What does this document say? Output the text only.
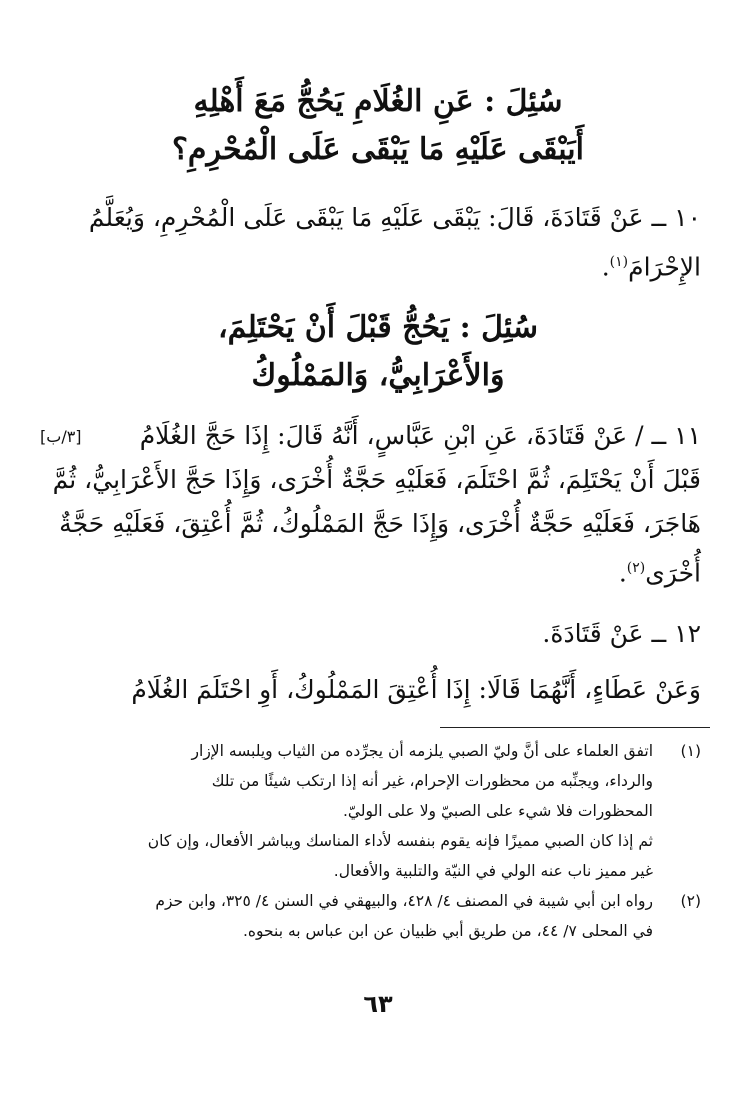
سُئِلَ : عَنِ الغُلَامِ يَحُجُّ مَعَ أَهْلِهِ
أَيَبْقَى عَلَيْهِ مَا يَبْقَى عَلَى الْمُحْرِمِ؟
١٠ ــ عَنْ قَتَادَةَ، قَالَ: يَبْقَى عَلَيْهِ مَا يَبْقَى عَلَى الْمُحْرِمِ، وَيُعَلَّمُ
الإِحْرَامَ$^{(١)}$.
سُئِلَ : يَحُجُّ قَبْلَ أَنْ يَحْتَلِمَ،
وَالأَعْرَابِيُّ، وَالمَمْلُوكُ
[٣/ب]	١١ ــ / عَنْ قَتَادَةَ، عَنِ ابْنِ عَبَّاسٍ، أَنَّهُ قَالَ: إِذَا حَجَّ الغُلَامُ
قَبْلَ أَنْ يَحْتَلِمَ، ثُمَّ احْتَلَمَ، فَعَلَيْهِ حَجَّةٌ أُخْرَى، وَإِذَا حَجَّ الأَعْرَابِيُّ، ثُمَّ
هَاجَرَ، فَعَلَيْهِ حَجَّةٌ أُخْرَى، وَإِذَا حَجَّ المَمْلُوكُ، ثُمَّ أُعْتِقَ، فَعَلَيْهِ حَجَّةٌ
أُخْرَى$^{(٢)}$.
١٢ ــ عَنْ قَتَادَةَ.
وَعَنْ عَطَاءٍ، أَنَّهُمَا قَالَا: إِذَا أُعْتِقَ المَمْلُوكُ، أَوِ احْتَلَمَ الغُلَامُ
(١)
اتفق العلماء على أنَّ وليّ الصبي يلزمه أن يجرِّده من الثياب ويلبسه الإزار
والرداء، ويجنِّبه من محظورات الإحرام، غير أنه إذا ارتكب شيئًا من تلك
المحظورات فلا شيء على الصبيّ ولا على الوليّ.
ثم إذا كان الصبي مميزًا فإنه يقوم بنفسه لأداء المناسك ويباشر الأفعال، وإن كان
غير مميز ناب عنه الولي في النيّة والتلبية والأفعال.
(٢)
رواه ابن أبي شيبة في المصنف ٤/ ٤٢٨، والبيهقي في السنن ٤/ ٣٢٥، وابن حزم
في المحلى ٧/ ٤٤، من طريق أبي ظبيان عن ابن عباس به بنحوه.
٦٣
